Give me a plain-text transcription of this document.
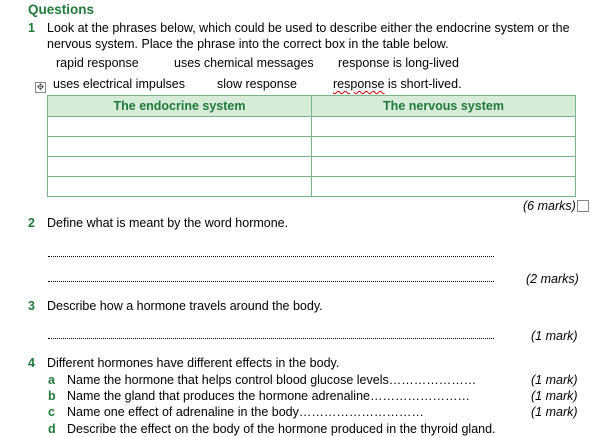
Questions
1 Look at the phrases below, which could be used to describe either the endocrine system or the
nervous system. Place the phrase into the correct box in the table below.
rapid response	uses chemical messages response is long-lived
✥ uses electrical impulses	slow response	response is short-lived.
The endocrine system	The nervous system

(6 marks)
2 Define what is meant by the word hormone.
(2 marks)
3 Describe how a hormone travels around the body.
(1 mark)
4 Different hormones have different effects in the body.
a Name the hormone that helps control blood glucose levels…………………	(1 mark)
b Name the gland that produces the hormone adrenaline……………………	(1 mark)
c Name one effect of adrenaline in the body…………………………	(1 mark)
d Describe the effect on the body of the hormone produced in the thyroid gland.
